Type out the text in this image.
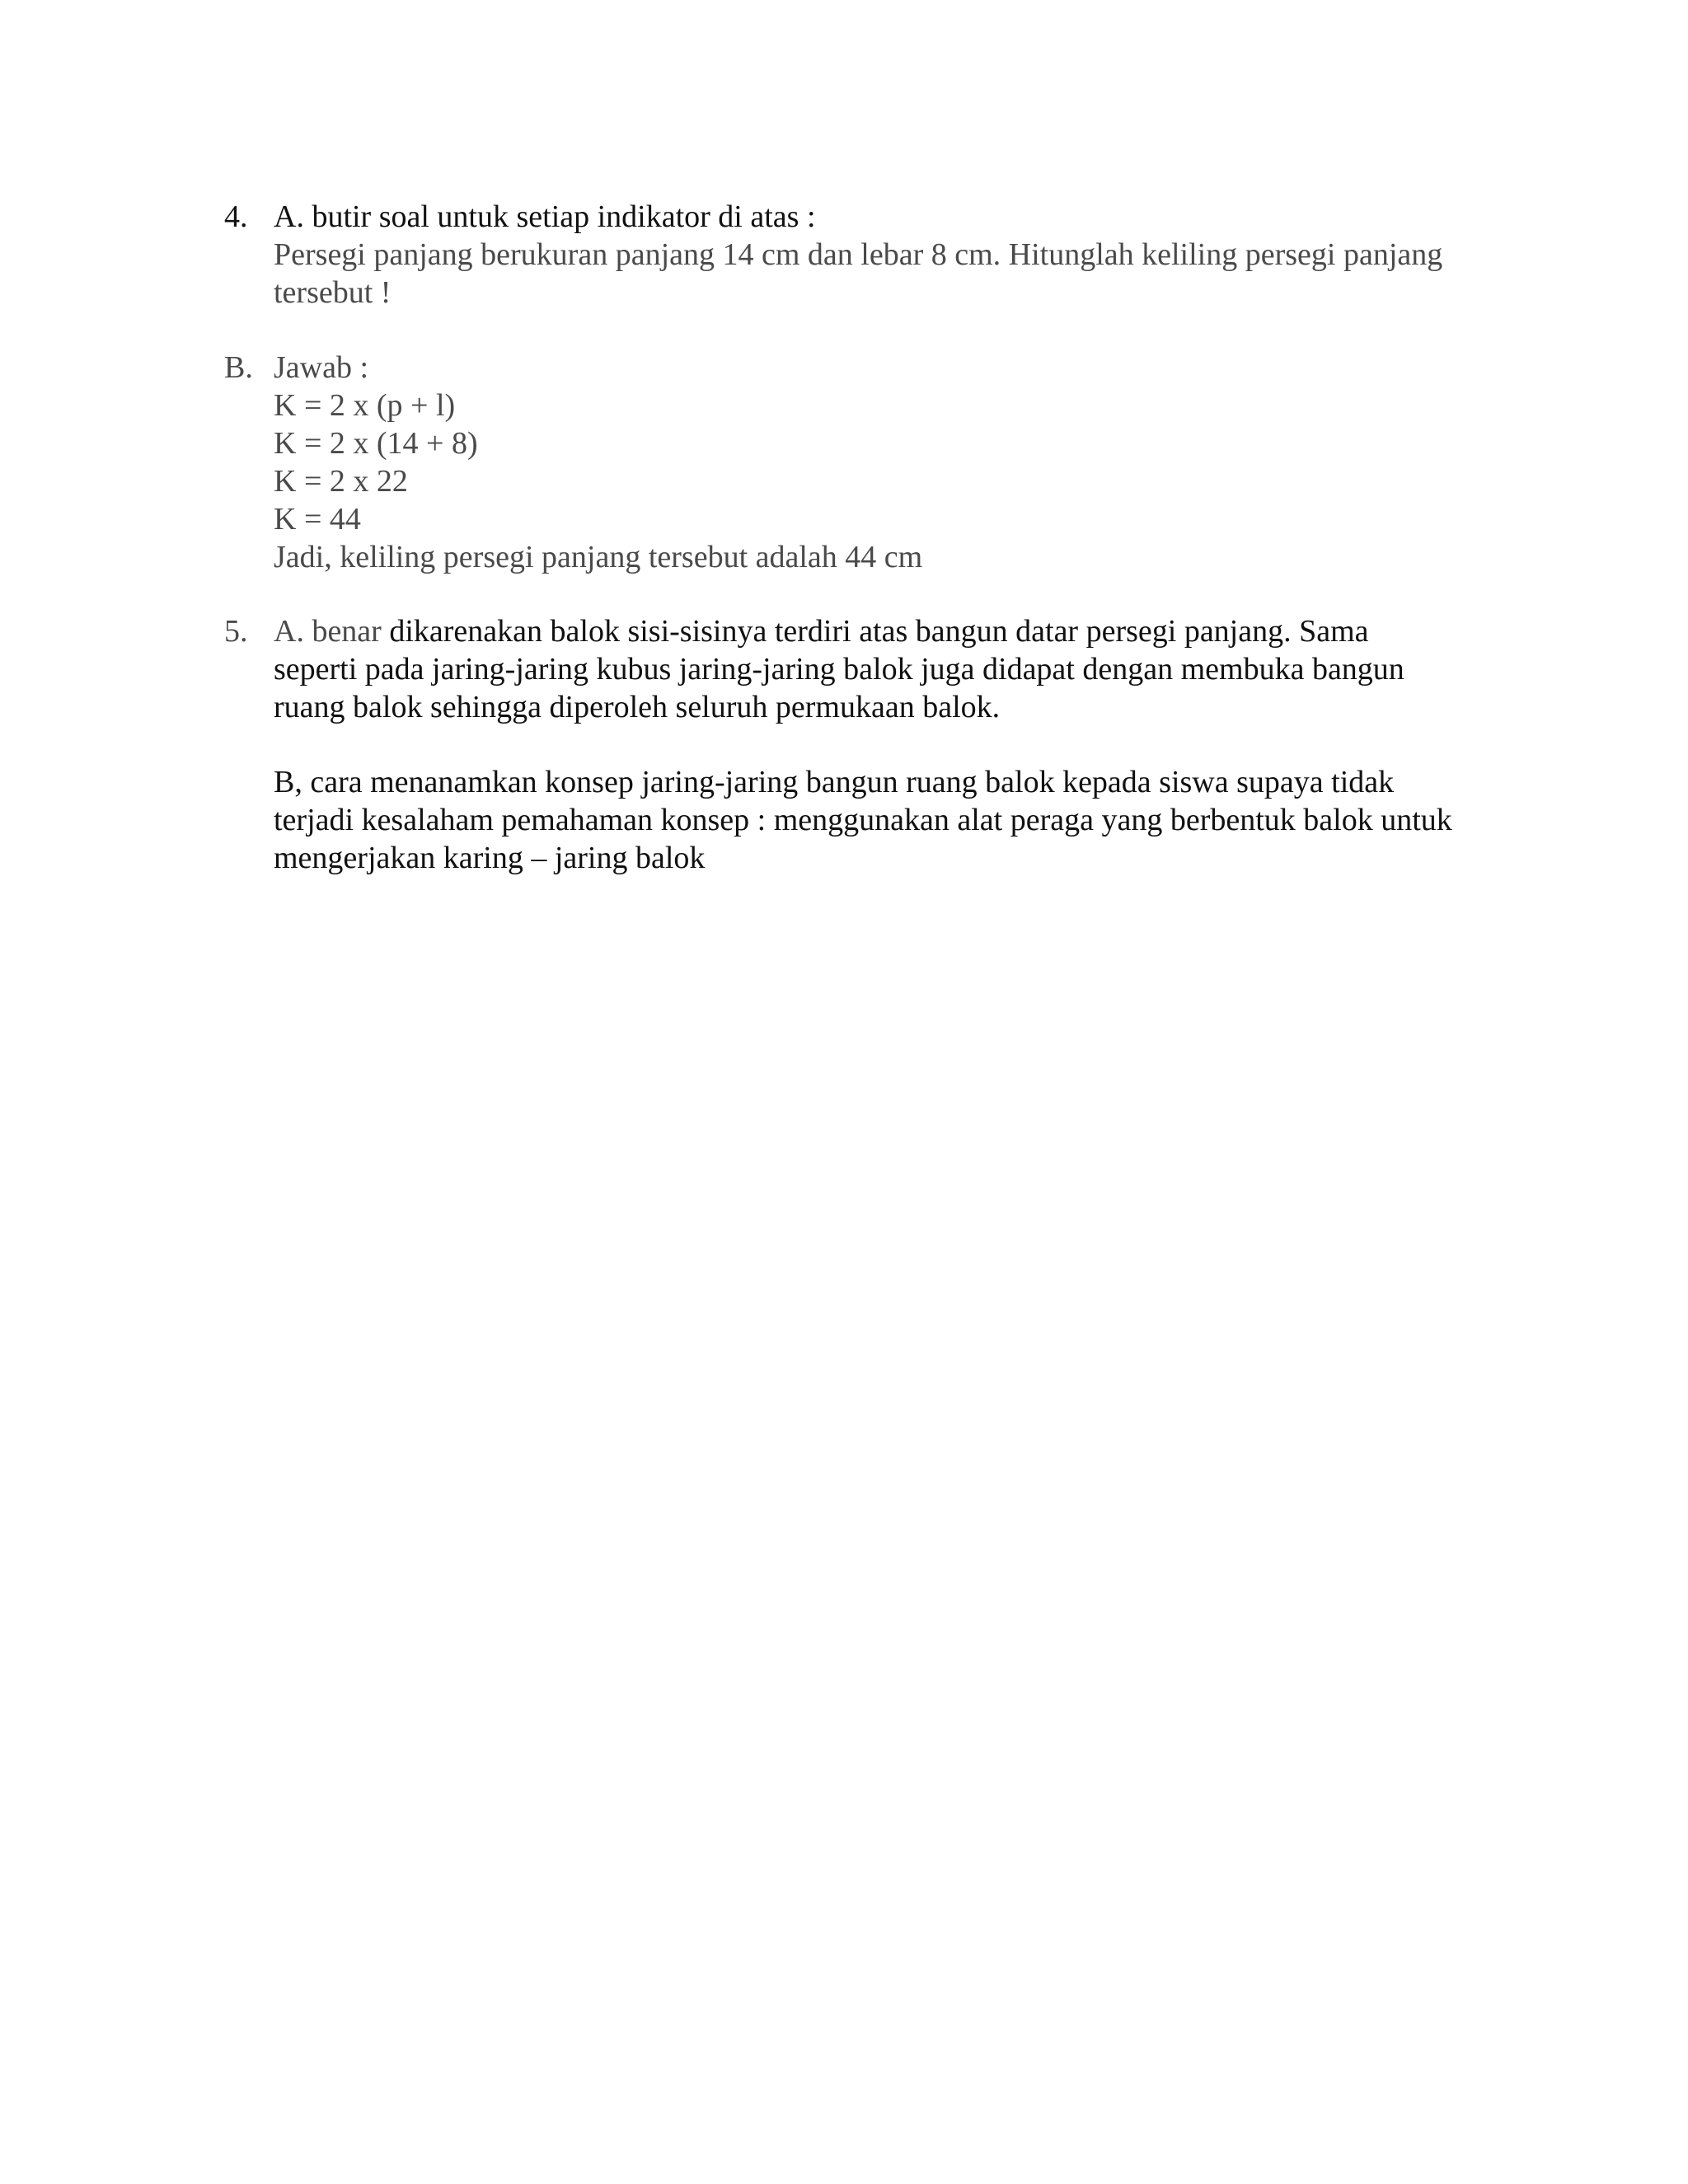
4. A. butir soal untuk setiap indikator di atas :
Persegi panjang berukuran panjang 14 cm dan lebar 8 cm. Hitunglah keliling persegi panjang
tersebut !
B. Jawab :
K = 2 x (p + l)
K = 2 x (14 + 8)
K = 2 x 22
K = 44
Jadi, keliling persegi panjang tersebut adalah 44 cm
5. A. benar dikarenakan balok sisi-sisinya terdiri atas bangun datar persegi panjang. Sama
seperti pada jaring-jaring kubus jaring-jaring balok juga didapat dengan membuka bangun
ruang balok sehingga diperoleh seluruh permukaan balok.
B, cara menanamkan konsep jaring-jaring bangun ruang balok kepada siswa supaya tidak
terjadi kesalaham pemahaman konsep : menggunakan alat peraga yang berbentuk balok untuk
mengerjakan karing – jaring balok
